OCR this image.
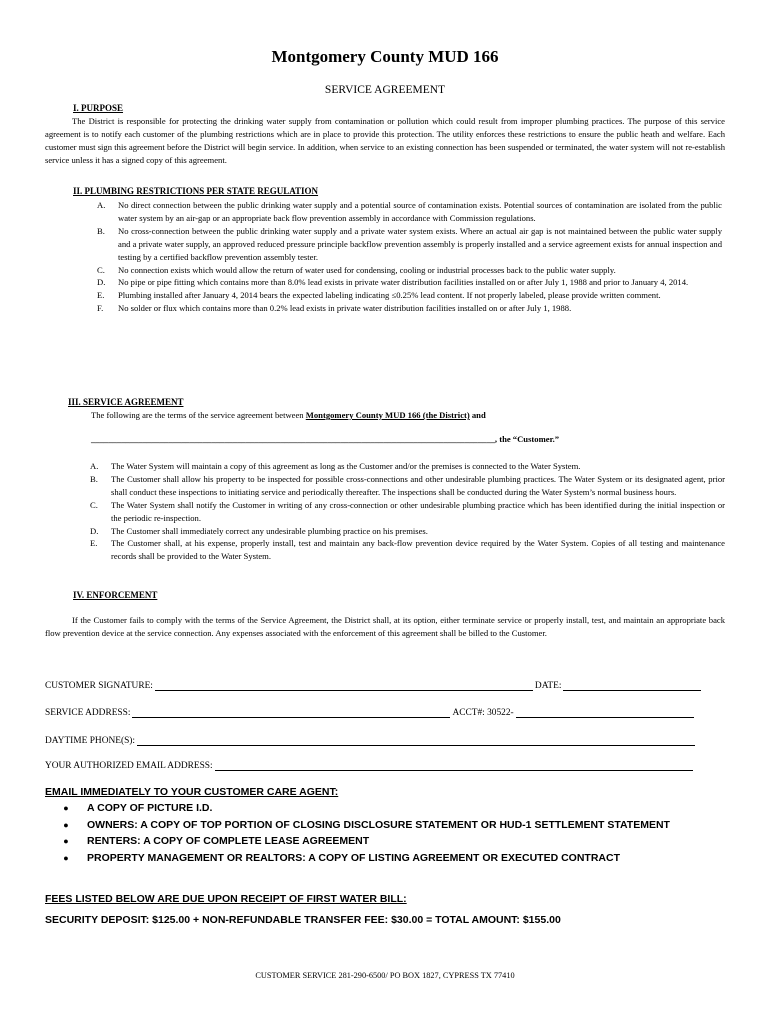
Montgomery County MUD 166
SERVICE AGREEMENT
I. PURPOSE
The District is responsible for protecting the drinking water supply from contamination or pollution which could result from improper plumbing practices. The purpose of this service agreement is to notify each customer of the plumbing restrictions which are in place to provide this protection. The utility enforces these restrictions to ensure the public heath and welfare. Each customer must sign this agreement before the District will begin service. In addition, when service to an existing connection has been suspended or terminated, the water system will not re-establish service unless it has a signed copy of this agreement.
II. PLUMBING RESTRICTIONS PER STATE REGULATION
A.	No direct connection between the public drinking water supply and a potential source of contamination exists. Potential sources of contamination are isolated from the public water system by an air-gap or an appropriate back flow prevention assembly in accordance with Commission regulations.
B.	No cross-connection between the public drinking water supply and a private water system exists. Where an actual air gap is not maintained between the public water supply and a private water supply, an approved reduced pressure principle backflow prevention assembly is properly installed and a service agreement exists for annual inspection and testing by a certified backflow prevention assembly tester.
C.	No connection exists which would allow the return of water used for condensing, cooling or industrial processes back to the public water supply.
D.	No pipe or pipe fitting which contains more than 8.0% lead exists in private water distribution facilities installed on or after July 1, 1988 and prior to January 4, 2014.
E.	Plumbing installed after January 4, 2014 bears the expected labeling indicating ≤0.25% lead content. If not properly labeled, please provide written comment.
F.	No solder or flux which contains more than 0.2% lead exists in private water distribution facilities installed on or after July 1, 1988.
III. SERVICE AGREEMENT
The following are the terms of the service agreement between Montgomery County MUD 166 (the District) and
______________________________________________________________________________________________, the “Customer.”
A.	The Water System will maintain a copy of this agreement as long as the Customer and/or the premises is connected to the Water System.
B.	The Customer shall allow his property to be inspected for possible cross-connections and other undesirable plumbing practices. The Water System or its designated agent, prior shall conduct these inspections to initiating service and periodically thereafter. The inspections shall be conducted during the Water System’s normal business hours.
C.	The Water System shall notify the Customer in writing of any cross-connection or other undesirable plumbing practice which has been identified during the initial inspection or the periodic re-inspection.
D.	The Customer shall immediately correct any undesirable plumbing practice on his premises.
E.	The Customer shall, at his expense, properly install, test and maintain any back-flow prevention device required by the Water System. Copies of all testing and maintenance records shall be provided to the Water System.
IV. ENFORCEMENT
If the Customer fails to comply with the terms of the Service Agreement, the District shall, at its option, either terminate service or properly install, test, and maintain an appropriate back flow prevention device at the service connection. Any expenses associated with the enforcement of this agreement shall be billed to the Customer.
CUSTOMER SIGNATURE:	DATE:
SERVICE ADDRESS:	ACCT#: 30522-
DAYTIME PHONE(S):
YOUR AUTHORIZED EMAIL ADDRESS:
EMAIL IMMEDIATELY TO YOUR CUSTOMER CARE AGENT:
●	A COPY OF PICTURE I.D.
●	OWNERS: A COPY OF TOP PORTION OF CLOSING DISCLOSURE STATEMENT OR HUD-1 SETTLEMENT STATEMENT
●	RENTERS: A COPY OF COMPLETE LEASE AGREEMENT
●	PROPERTY MANAGEMENT OR REALTORS: A COPY OF LISTING AGREEMENT OR EXECUTED CONTRACT
FEES LISTED BELOW ARE DUE UPON RECEIPT OF FIRST WATER BILL:
SECURITY DEPOSIT: $125.00 + NON-REFUNDABLE TRANSFER FEE: $30.00 = TOTAL AMOUNT: $155.00
CUSTOMER SERVICE 281-290-6500/ PO BOX 1827, CYPRESS TX 77410
